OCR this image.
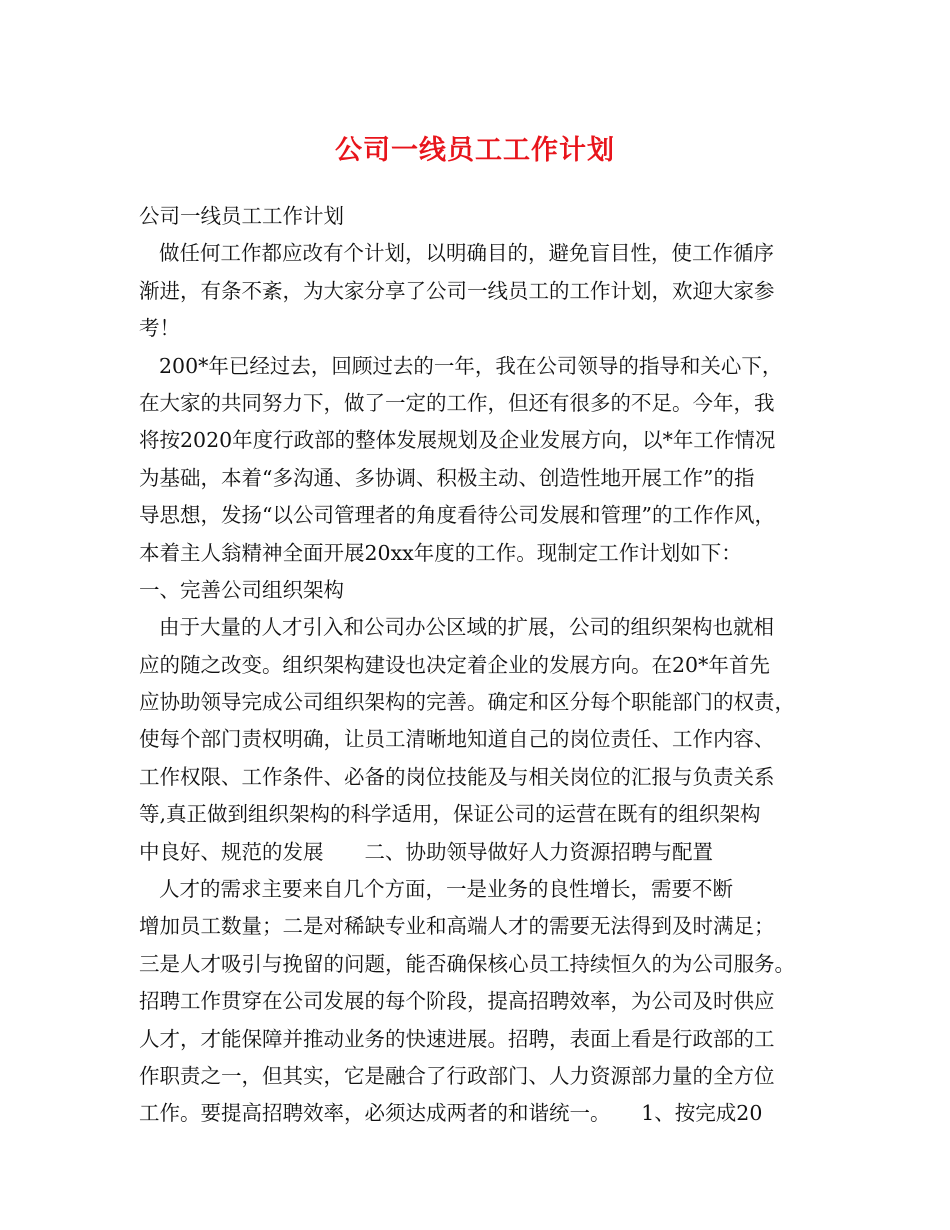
公司一线员工工作计划

公司一线员工工作计划

做任何工作都应改有个计划，以明确目的，避免盲目性，使工作循序

渐进，有条不紊，为大家分享了公司一线员工的工作计划，欢迎大家参

考！

200*年已经过去，回顾过去的一年，我在公司领导的指导和关心下，

在大家的共同努力下，做了一定的工作，但还有很多的不足。今年，我

将按2020年度行政部的整体发展规划及企业发展方向，以*年工作情况

为基础，本着“多沟通、多协调、积极主动、创造性地开展工作”的指

导思想，发扬“以公司管理者的角度看待公司发展和管理”的工作作风，

本着主人翁精神全面开展20xx年度的工作。现制定工作计划如下：

一、完善公司组织架构

由于大量的人才引入和公司办公区域的扩展，公司的组织架构也就相

应的随之改变。组织架构建设也决定着企业的发展方向。在20*年首先

应协助领导完成公司组织架构的完善。确定和区分每个职能部门的权责，

使每个部门责权明确，让员工清晰地知道自己的岗位责任、工作内容、

工作权限、工作条件、必备的岗位技能及与相关岗位的汇报与负责关系

等,真正做到组织架构的科学适用，保证公司的运营在既有的组织架构

中良好、规范的发展　　二、协助领导做好人力资源招聘与配置

人才的需求主要来自几个方面，一是业务的良性增长，需要不断

增加员工数量；二是对稀缺专业和高端人才的需要无法得到及时满足；

三是人才吸引与挽留的问题，能否确保核心员工持续恒久的为公司服务。

招聘工作贯穿在公司发展的每个阶段，提高招聘效率，为公司及时供应

人才，才能保障并推动业务的快速进展。招聘，表面上看是行政部的工

作职责之一，但其实，它是融合了行政部门、人力资源部力量的全方位

工作。要提高招聘效率，必须达成两者的和谐统一。　　1、按完成20
